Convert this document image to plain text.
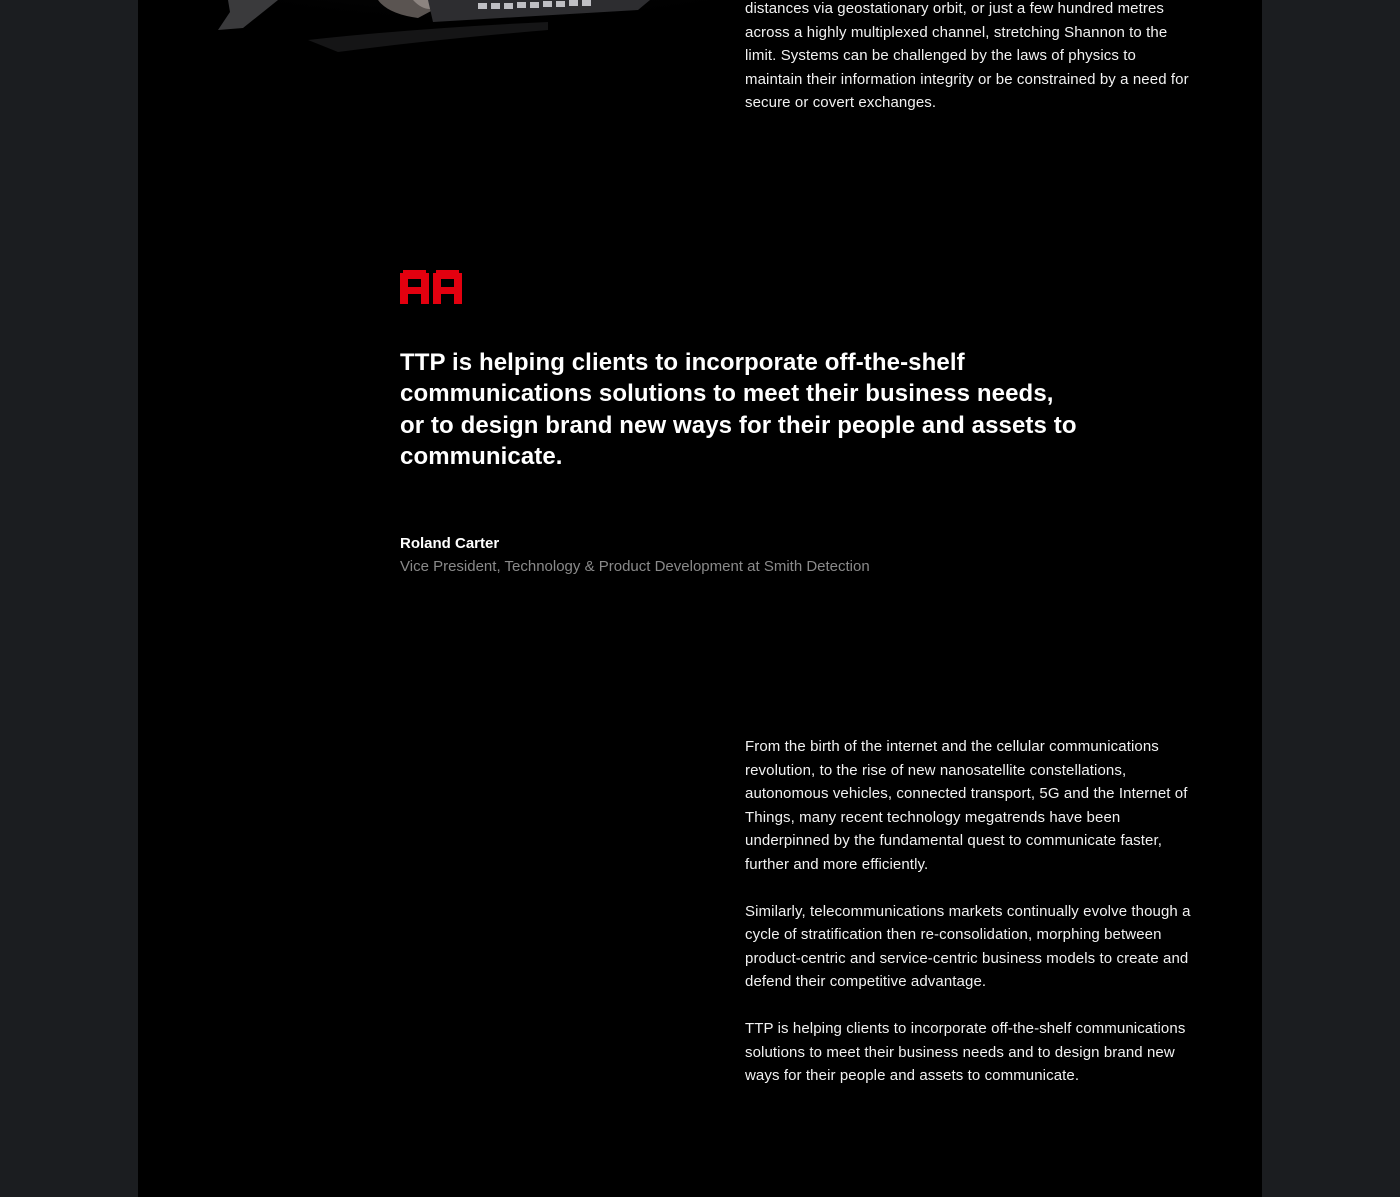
distances via geostationary orbit, or just a few hundred metres across a highly multiplexed channel, stretching Shannon to the limit. Systems can be challenged by the laws of physics to maintain their information integrity or be constrained by a need for secure or covert exchanges.

TTP is helping clients to incorporate off-the-shelf communications solutions to meet their business needs, or to design brand new ways for their people and assets to communicate.

Roland Carter
Vice President, Technology & Product Development at Smith Detection

From the birth of the internet and the cellular communications revolution, to the rise of new nanosatellite constellations, autonomous vehicles, connected transport, 5G and the Internet of Things, many recent technology megatrends have been underpinned by the fundamental quest to communicate faster, further and more efficiently.

Similarly, telecommunications markets continually evolve though a cycle of stratification then re-consolidation, morphing between product-centric and service-centric business models to create and defend their competitive advantage.

TTP is helping clients to incorporate off-the-shelf communications solutions to meet their business needs and to design brand new ways for their people and assets to communicate.
